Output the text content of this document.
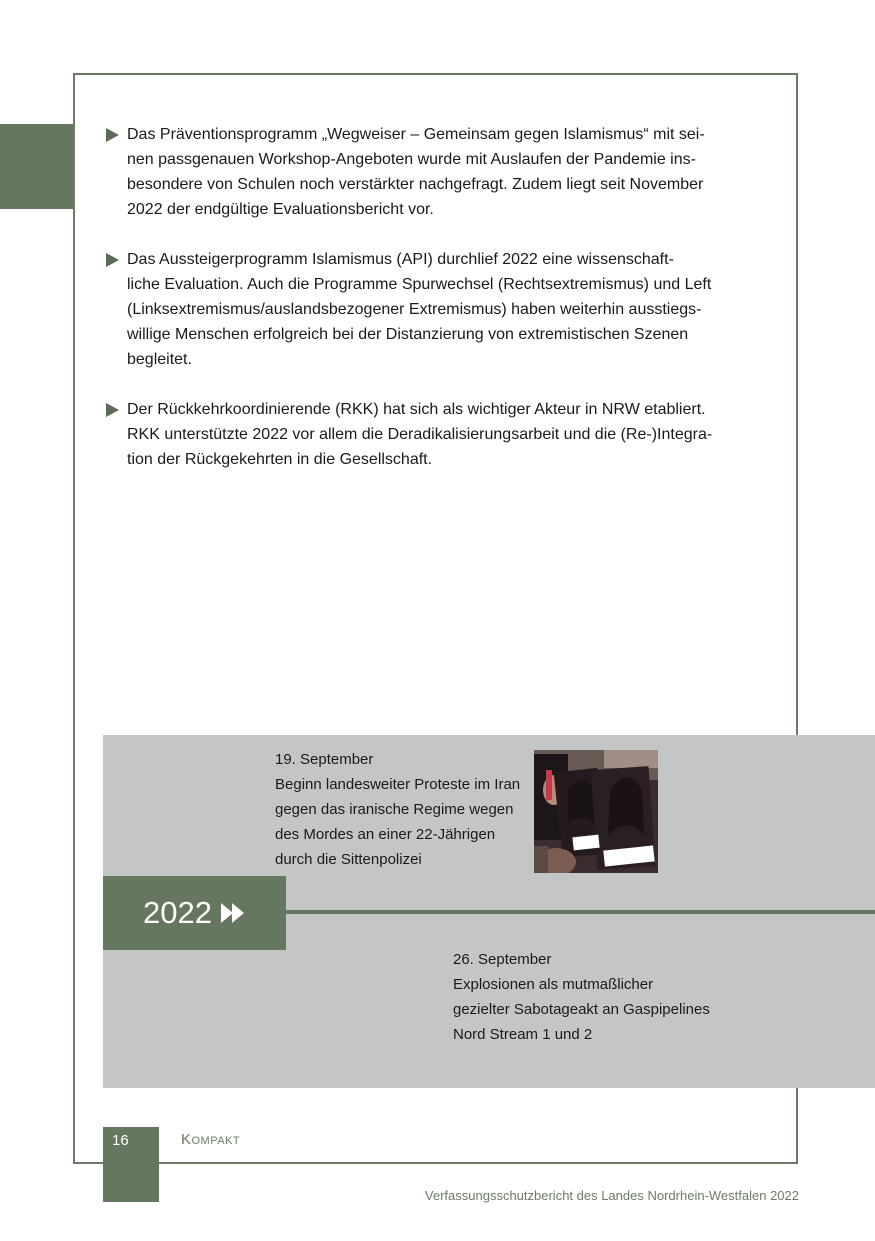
Das Präventionsprogramm „Wegweiser – Gemeinsam gegen Islamismus“ mit sei-
nen passgenauen Workshop-Angeboten wurde mit Auslaufen der Pandemie ins-
besondere von Schulen noch verstärkter nachgefragt. Zudem liegt seit November
2022 der endgültige Evaluationsbericht vor.
Das Aussteigerprogramm Islamismus (API) durchlief 2022 eine wissenschaft-
liche Evaluation. Auch die Programme Spurwechsel (Rechtsextremismus) und Left
(Linksextremismus/auslandsbezogener Extremismus) haben weiterhin ausstiegs-
willige Menschen erfolgreich bei der Distanzierung von extremistischen Szenen
begleitet.
Der Rückkehrkoordinierende (RKK) hat sich als wichtiger Akteur in NRW etabliert.
RKK unterstützte 2022 vor allem die Deradikalisierungsarbeit und die (Re-)Integra-
tion der Rückgekehrten in die Gesellschaft.
19. September
Beginn landesweiter Proteste im Iran
gegen das iranische Regime wegen
des Mordes an einer 22-Jährigen
durch die Sittenpolizei
2022
26. September
Explosionen als mutmaßlicher
gezielter Sabotageakt an Gaspipelines
Nord Stream 1 und 2
16	Kompakt
Verfassungsschutzbericht des Landes Nordrhein-Westfalen 2022
